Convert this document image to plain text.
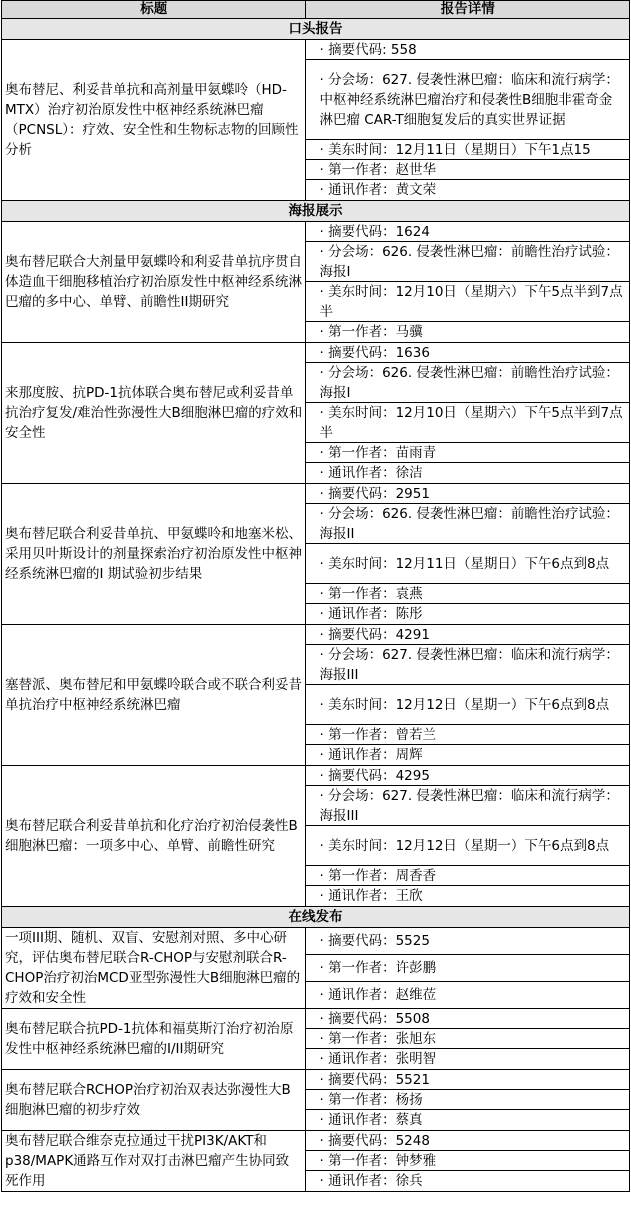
标题	报告详情
口头报告	
奥布替尼、利妥昔单抗和高剂量甲氨蝶呤（HD-MTX）治疗初治原发性中枢神经系统淋巴瘤（PCNSL）：疗效、安全性和生物标志物的回顾性分析	· 摘要代码: 558
· 分会场：627. 侵袭性淋巴瘤：临床和流行病学：中枢神经系统淋巴瘤治疗和侵袭性B细胞非霍奇金淋巴瘤 CAR-T细胞复发后的真实世界证据
· 美东时间：12月11日（星期日）下午1点15
· 第一作者：赵世华
· 通讯作者：黄文荣

海报展示	
奥布替尼联合大剂量甲氨蝶呤和利妥昔单抗序贯自体造血干细胞移植治疗初治原发性中枢神经系统淋巴瘤的多中心、单臂、前瞻性II期研究	· 摘要代码：1624
· 分会场：626. 侵袭性淋巴瘤：前瞻性治疗试验：海报I
· 美东时间：12月10日（星期六）下午5点半到7点半
· 第一作者：马骥

来那度胺、抗PD-1抗体联合奥布替尼或利妥昔单抗治疗复发/难治性弥漫性大B细胞淋巴瘤的疗效和安全性	· 摘要代码：1636
· 分会场：626. 侵袭性淋巴瘤：前瞻性治疗试验：海报I
· 美东时间：12月10日（星期六）下午5点半到7点半
· 第一作者：苗雨青
· 通讯作者：徐洁

奥布替尼联合利妥昔单抗、甲氨蝶呤和地塞米松、采用贝叶斯设计的剂量探索治疗初治原发性中枢神经系统淋巴瘤的I 期试验初步结果	· 摘要代码：2951
· 分会场：626. 侵袭性淋巴瘤：前瞻性治疗试验：海报II
· 美东时间：12月11日（星期日）下午6点到8点
· 第一作者：袁燕
· 通讯作者：陈彤

塞替派、奥布替尼和甲氨蝶呤联合或不联合利妥昔单抗治疗中枢神经系统淋巴瘤	· 摘要代码：4291
· 分会场：627. 侵袭性淋巴瘤：临床和流行病学：海报III
· 美东时间：12月12日（星期一）下午6点到8点
· 第一作者：曾若兰
· 通讯作者：周辉

奥布替尼联合利妥昔单抗和化疗治疗初治侵袭性B细胞淋巴瘤：一项多中心、单臂、前瞻性研究	· 摘要代码：4295
· 分会场：627. 侵袭性淋巴瘤：临床和流行病学：海报III
· 美东时间：12月12日（星期一）下午6点到8点
· 第一作者：周香香
· 通讯作者：王欣

在线发布	
一项III期、随机、双盲、安慰剂对照、多中心研究，评估奥布替尼联合R-CHOP与安慰剂联合R-CHOP治疗初治MCD亚型弥漫性大B细胞淋巴瘤的疗效和安全性	· 摘要代码：5525
· 第一作者：许彭鹏
· 通讯作者：赵维莅

奥布替尼联合抗PD-1抗体和福莫斯汀治疗初治原发性中枢神经系统淋巴瘤的I/II期研究	· 摘要代码：5508
· 第一作者：张旭东
· 通讯作者：张明智

奥布替尼联合RCHOP治疗初治双表达弥漫性大B细胞淋巴瘤的初步疗效	· 摘要代码：5521
· 第一作者：杨扬
· 通讯作者：蔡真

奥布替尼联合维奈克拉通过干扰PI3K/AKT和 p38/MAPK通路互作对双打击淋巴瘤产生协同致死作用	· 摘要代码：5248
· 第一作者：钟梦雅
· 通讯作者：徐兵
